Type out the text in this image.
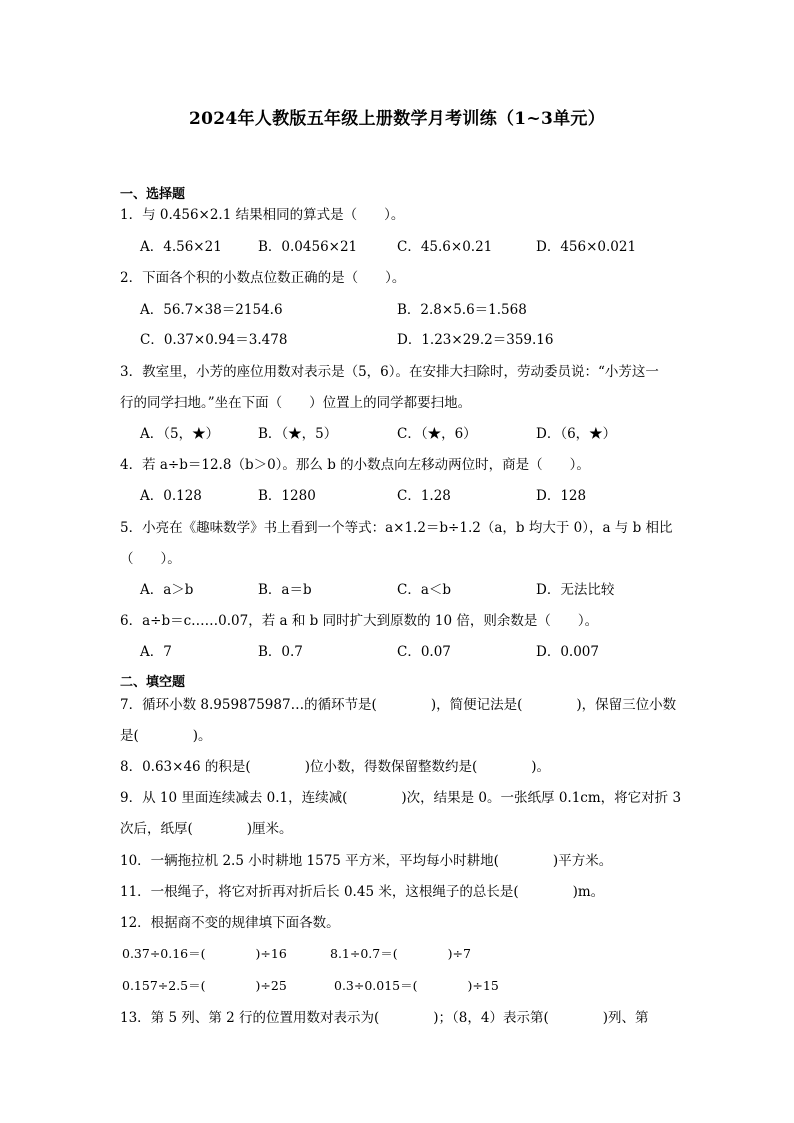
2024年人教版五年级上册数学月考训练（1~3单元）
一、选择题
1．与 0.456×2.1 结果相同的算式是（　　）。
A．4.56×21	B．0.0456×21	C．45.6×0.21	D．456×0.021
2．下面各个积的小数点位数正确的是（　　）。
A．56.7×38＝2154.6	B．2.8×5.6＝1.568
C．0.37×0.94＝3.478	D．1.23×29.2＝359.16
3．教室里，小芳的座位用数对表示是（5，6）。在安排大扫除时，劳动委员说：“小芳这一
行的同学扫地。”坐在下面（　　）位置上的同学都要扫地。
A．（5，★）	B．（★，5）	C．（★，6）	D．（6，★）
4．若 a÷b＝12.8（b＞0）。那么 b 的小数点向左移动两位时，商是（　　）。
A．0.128	B．1280	C．1.28	D．128
5．小亮在《趣味数学》书上看到一个等式：a×1.2＝b÷1.2（a，b 均大于 0），a 与 b 相比
（　　）。
A．a＞b	B．a＝b	C．a＜b	D．无法比较
6．a÷b＝c……0.07，若 a 和 b 同时扩大到原数的 10 倍，则余数是（　　）。
A．7	B．0.7	C．0.07	D．0.007
二、填空题
7．循环小数 8.959875987…的循环节是(　　　　)，简便记法是(　　　　)，保留三位小数
是(　　　　)。
8．0.63×46 的积是(　　　　)位小数，得数保留整数约是(　　　　)。
9．从 10 里面连续减去 0.1，连续减(　　　　)次，结果是 0。一张纸厚 0.1cm，将它对折 3
次后，纸厚(　　　　)厘米。
10．一辆拖拉机 2.5 小时耕地 1575 平方米，平均每小时耕地(　　　　)平方米。
11．一根绳子，将它对折再对折后长 0.45 米，这根绳子的总长是(　　　　)m。
12．根据商不变的规律填下面各数。
0.37÷0.16＝(　　　　)÷16	8.1÷0.7＝(　　　　)÷7
0.157÷2.5＝(　　　　)÷25	0.3÷0.015＝(　　　　)÷15
13．第 5 列、第 2 行的位置用数对表示为(　　　　)；（8，4）表示第(　　　　)列、第
